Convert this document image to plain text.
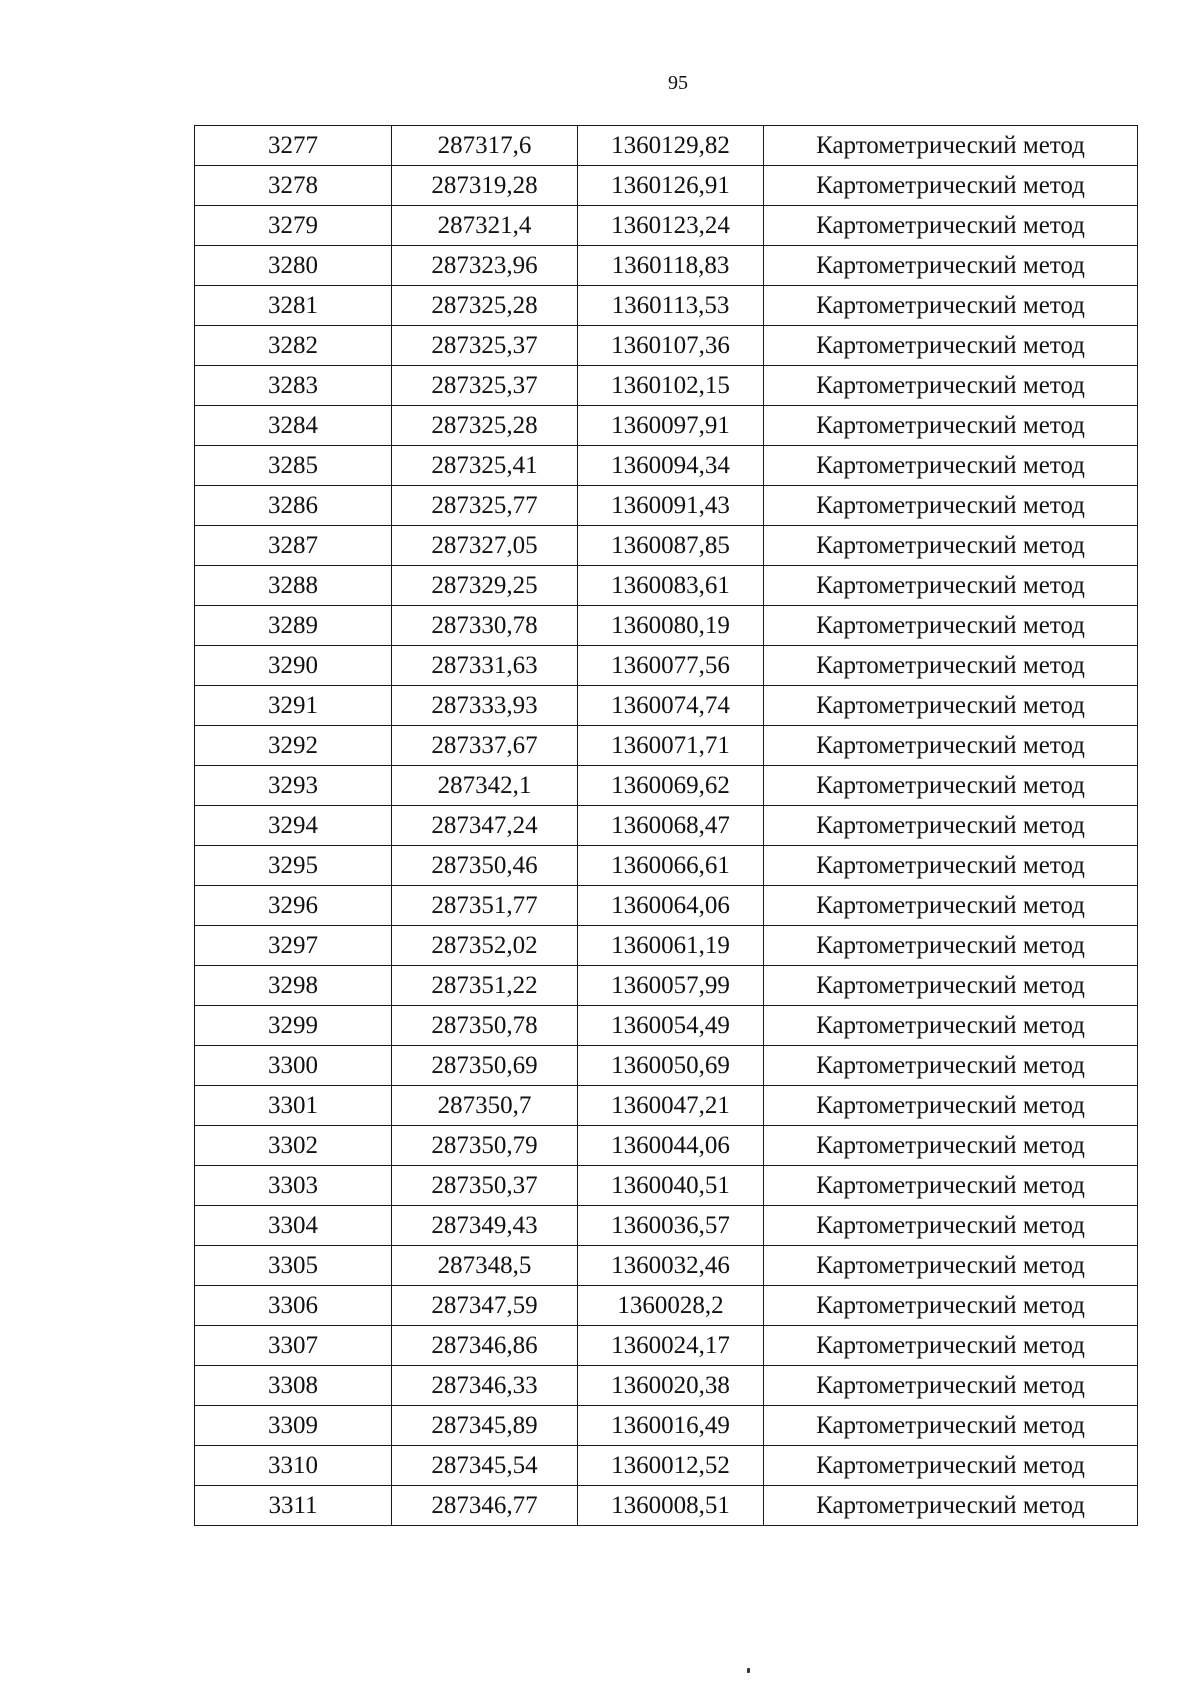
95
3277	287317,6	1360129,82	Картометрический метод
3278	287319,28	1360126,91	Картометрический метод
3279	287321,4	1360123,24	Картометрический метод
3280	287323,96	1360118,83	Картометрический метод
3281	287325,28	1360113,53	Картометрический метод
3282	287325,37	1360107,36	Картометрический метод
3283	287325,37	1360102,15	Картометрический метод
3284	287325,28	1360097,91	Картометрический метод
3285	287325,41	1360094,34	Картометрический метод
3286	287325,77	1360091,43	Картометрический метод
3287	287327,05	1360087,85	Картометрический метод
3288	287329,25	1360083,61	Картометрический метод
3289	287330,78	1360080,19	Картометрический метод
3290	287331,63	1360077,56	Картометрический метод
3291	287333,93	1360074,74	Картометрический метод
3292	287337,67	1360071,71	Картометрический метод
3293	287342,1	1360069,62	Картометрический метод
3294	287347,24	1360068,47	Картометрический метод
3295	287350,46	1360066,61	Картометрический метод
3296	287351,77	1360064,06	Картометрический метод
3297	287352,02	1360061,19	Картометрический метод
3298	287351,22	1360057,99	Картометрический метод
3299	287350,78	1360054,49	Картометрический метод
3300	287350,69	1360050,69	Картометрический метод
3301	287350,7	1360047,21	Картометрический метод
3302	287350,79	1360044,06	Картометрический метод
3303	287350,37	1360040,51	Картометрический метод
3304	287349,43	1360036,57	Картометрический метод
3305	287348,5	1360032,46	Картометрический метод
3306	287347,59	1360028,2	Картометрический метод
3307	287346,86	1360024,17	Картометрический метод
3308	287346,33	1360020,38	Картометрический метод
3309	287345,89	1360016,49	Картометрический метод
3310	287345,54	1360012,52	Картометрический метод
3311	287346,77	1360008,51	Картометрический метод
